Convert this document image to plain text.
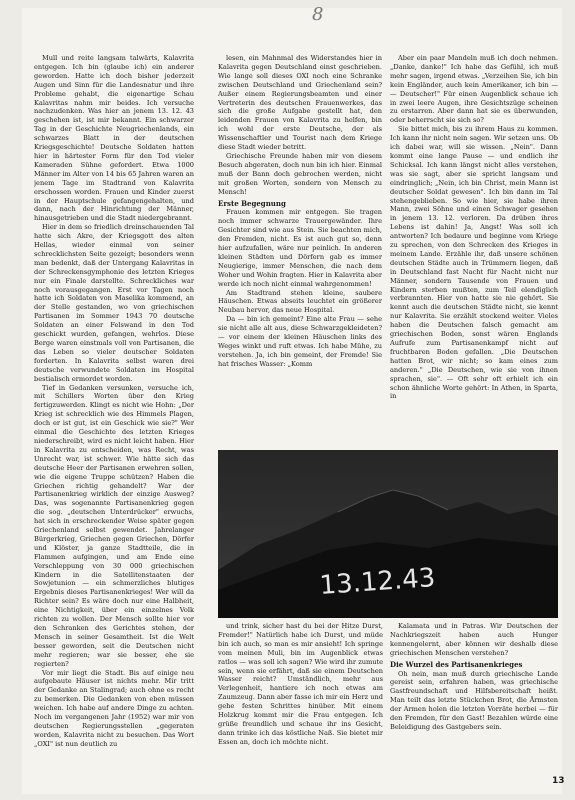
8

Mull und reite langsam talwärts, Kalavrita entgegen. Ich bin (glaube ich) ein anderer geworden. Hatte ich doch bisher jederzeit Augen und Sinn für die Landesnatur und ihre Probleme gehabt, die eigenartige Schau Kalavritas nahm mir beides. Ich versuche nachzudenken. Was hier an jenem 13. 12. 43 geschehen ist, ist mir bekannt. Ein schwarzer Tag in der Geschichte Neugriechenlands, ein schwarzes Blatt in der deutschen Kriegsgeschichte! Deutsche Soldaten hatten hier in härtester Form für den Tod vieler Kameraden Sühne gefordert. Etwa 1000 Männer im Alter von 14 bis 65 Jahren waren an jenem Tage im Stadtrand von Kalavrita erschossen worden. Frauen und Kinder zuerst in der Hauptschule gefangengehalten, und dann, nach der Hinrichtung der Männer, hinausgetrieben und die Stadt niedergebrannt.

Hier in dem so friedlich dreinschauenden Tal hatte sich Akre, der Kriegsgott des alten Hellas, wieder einmal von seiner schrecklichsten Seite gezeigt; besonders wenn man bedenkt, daß der Untergang Kalavritas in der Schreckensgymphonie des letzten Krieges nur ein Finale darstellte. Schreckliches war noch vorausgegangen. Erst vor Tagen noch hatte ich Soldaten von Maselika kommend, an der Stelle gestanden, wo von griechischen Partisanen im Sommer 1943 70 deutsche Soldaten an einer Felswand in den Tod geschickt wurden, gefangen, wehrlos. Diese Berge waren einstmals voll von Partisanen, die das Leben so vieler deutscher Soldaten forderten. In Kalavrita selbst waren drei deutsche verwundete Soldaten im Hospital bestialisch ermordet worden.

Tief in Gedanken versunken, versuche ich, mit Schillers Worten über den Krieg fertigzuwerden. Klingt es nicht wie Hohn: „Der Krieg ist schrecklich wie des Himmels Plagen, doch er ist gut, ist ein Geschick wie sie?" Wer einmal die Geschichte des letzten Krieges niederschreibt, wird es nicht leicht haben. Hier in Kalavrita zu entscheiden, was Recht, was Unrecht war, ist schwer. Wie hätte sich das deutsche Heer der Partisanen erwehren sollen, wie die eigene Truppe schützen? Haben die Griechen richtig gehandelt? War der Partisanenkrieg wirklich der einzige Ausweg? Das, was sogenannte Partisanenkrieg gegen die sog. „deutschen Unterdrücker" erwuchs, hat sich in erschreckender Weise später gegen Griechenland selbst gewendet. Jahrelanger Bürgerkrieg, Griechen gegen Griechen, Dörfer und Klöster, ja ganze Stadtteile, die in Flammen aufgingen, und am Ende eine Verschleppung von 30 000 griechischen Kindern in die Satellitenstaaten der Sowjetunion — ein schmerzliches blutiges Ergebnis dieses Partisanenkrieges! Wer will da Richter sein? Es wäre doch nur eine Halbheit, eine Nichtigkeit, über ein einzelnes Volk richten zu wollen. Der Mensch sollte hier vor den Schranken des Gerichtes stehen, der Mensch in seiner Gesamtheit. Ist die Welt besser geworden, seit die Deutschen nicht mehr regieren; war sie besser, ehe sie regierten?

Vor mir liegt die Stadt. Bis auf einige neu aufgebaute Häuser ist nichts mehr. Mir tritt der Gedanke an Stalingrad; auch ohne es recht zu bemerken. Die Gedanken von eben müssen weichen. Ich habe auf andere Dinge zu achten. Noch im vergangenen Jahr (1952) war mir von deutschen Regierungsstellen „gegeraten worden, Kalavrita nicht zu besuchen. Das Wort „OXI" ist nun deutlich zu

lesen, ein Mahnmal des Widerstandes hier in Kalavrita gegen Deutschland einst geschrieben. Wie lange soll dieses OXI noch eine Schranke zwischen Deutschland und Griechenland sein? Außer einem Regierungsbeamten und einer Vertreterin des deutschen Frauenwerkes, das sich die große Aufgabe gestellt hat, den leidenden Frauen von Kalavrita zu helfen, bin ich wohl der erste Deutsche, der als Wissenschaftler und Tourist nach dem Kriege diese Stadt wieder betritt.

Griechische Freunde haben mir von diesem Besuch abgeraten, doch nun bin ich hier. Einmal muß der Bann doch gebrochen werden, nicht mit großen Worten, sondern von Mensch zu Mensch!

Erste Begegnung

Frauen kommen mir entgegen. Sie tragen noch immer schwarze Trauergewänder. Ihre Gesichter sind wie aus Stein. Sie beachten mich, den Fremden, nicht. Es ist auch gut so, denn hier aufzufallen, wäre nur peinlich. In anderen kleinen Städten und Dörfern gab es immer Neugierige, immer Menschen, die nach dem Woher und Wohin fragten. Hier in Kalavrita aber werde ich noch nicht einmal wahrgenommen!

Am Stadtrand stehen kleine, saubere Häuschen. Etwas abseits leuchtet ein größerer Neubau hervor, das neue Hospital.

Da — bin ich gemeint? Eine alte Frau — sehe sie nicht alle alt aus, diese Schwarzgekleideten? — vor einem der kleinen Häuschen links des Weges winkt und ruft etwas. Ich habe Mühe, zu verstehen. Ja, ich bin gemeint, der Fremde! Sie hat frisches Wasser: „Komm

Aber ein paar Mandeln muß ich doch nehmen. „Danke, danke!" Ich habe das Gefühl, ich muß mehr sagen, irgend etwas. „Verzeihen Sie, ich bin kein Engländer, auch kein Amerikaner, ich bin — — Deutscher!" Für einen Augenblick schaue ich in zwei leere Augen, ihre Gesichtszüge scheinen zu erstarren. Aber dann hat sie es überwunden, oder beherrscht sie sich so?

Sie bittet mich, bis zu ihrem Haus zu kommen. Ich kann ihr nicht nein sagen. Wir setzen uns. Ob ich dabei war, will sie wissen. „Nein". Dann kommt eine lange Pause — und endlich ihr Schicksal. Ich kann längst nicht alles verstehen, was sie sagt, aber sie spricht langsam und eindringlich; „Nein, ich bin Christ, mein Mann ist deutscher Soldat gewesen". Ich bin dann im Tal stehengeblieben. So wie hier, sie habe ihren Mann, zwei Söhne und einen Schwager gesehen in jenem 13. 12. verloren. Da drüben ihres Lebens ist dahin! Ja, Angst! Was soll ich antworten? Ich bedaure und beginne vom Kriege zu sprechen, von den Schrecken des Krieges in meinem Lande. Erzähle ihr, daß unsere schönen deutschen Städte auch in Trümmern liegen, daß in Deutschland fast Nacht für Nacht nicht nur Männer, sondern Tausende von Frauen und Kindern sterben mußten, zum Teil elendiglich verbrannten. Hier von hatte sie nie gehört. Sie kennt auch die deutschen Städte nicht, sie kennt nur Kalavrita. Sie erzählt stockend weiter. Vieles haben die Deutschen falsch gemacht am griechischen Boden, sonst wären Englands Aufrufe zum Partisanenkampf nicht auf fruchtbaren Boden gefallen. „Die Deutschen hatten Brot, wir nicht; so kam eines zum anderen." „Die Deutschen, wie sie von ihnen sprachen, sie". — Oft sehr oft erhielt ich ein schon ähnliche Worte gehört: In Athen, in Sparta, in

13.12.43

und trink, sicher hast du bei der Hitze Durst, Fremder!" Natürlich habe ich Durst, und müde bin ich auch, so man es mir ansieht! Ich springe vom meinen Muli, bin im Augenblick etwas ratlos — was soll ich sagen? Wie wird ihr zumute sein, wenn sie erfährt, daß sie einem Deutschen Wasser reicht? Umständlich, mehr aus Verlegenheit, hantiere ich noch etwas am Zaumzeug. Dann aber fasse ich mir ein Herz und gehe festen Schrittes hinüber. Mit einem Holzkrug kommt mir die Frau entgegen. Ich grüße freundlich und schaue ihr ins Gesicht, dann trinke ich das köstliche Naß. Sie bietet mir Essen an, doch ich möchte nicht.

Kalamata und in Patras. Wir Deutschen der Nachkriegszeit haben auch Hunger kennengelernt, aber können wir deshalb diese griechischen Menschen verstehen?

Die Wurzel des Partisanenkrieges

Oh nein, man muß durch griechische Lande gereist sein, erfahren haben, was griechische Gastfreundschaft und Hilfsbereitschaft heißt. Man teilt das letzte Stückchen Brot, die Ärmsten der Armen holen die letzten Vorräte herbei — für den Fremden, für den Gast! Bezahlen würde eine Beleidigung des Gastgebers sein.

13
